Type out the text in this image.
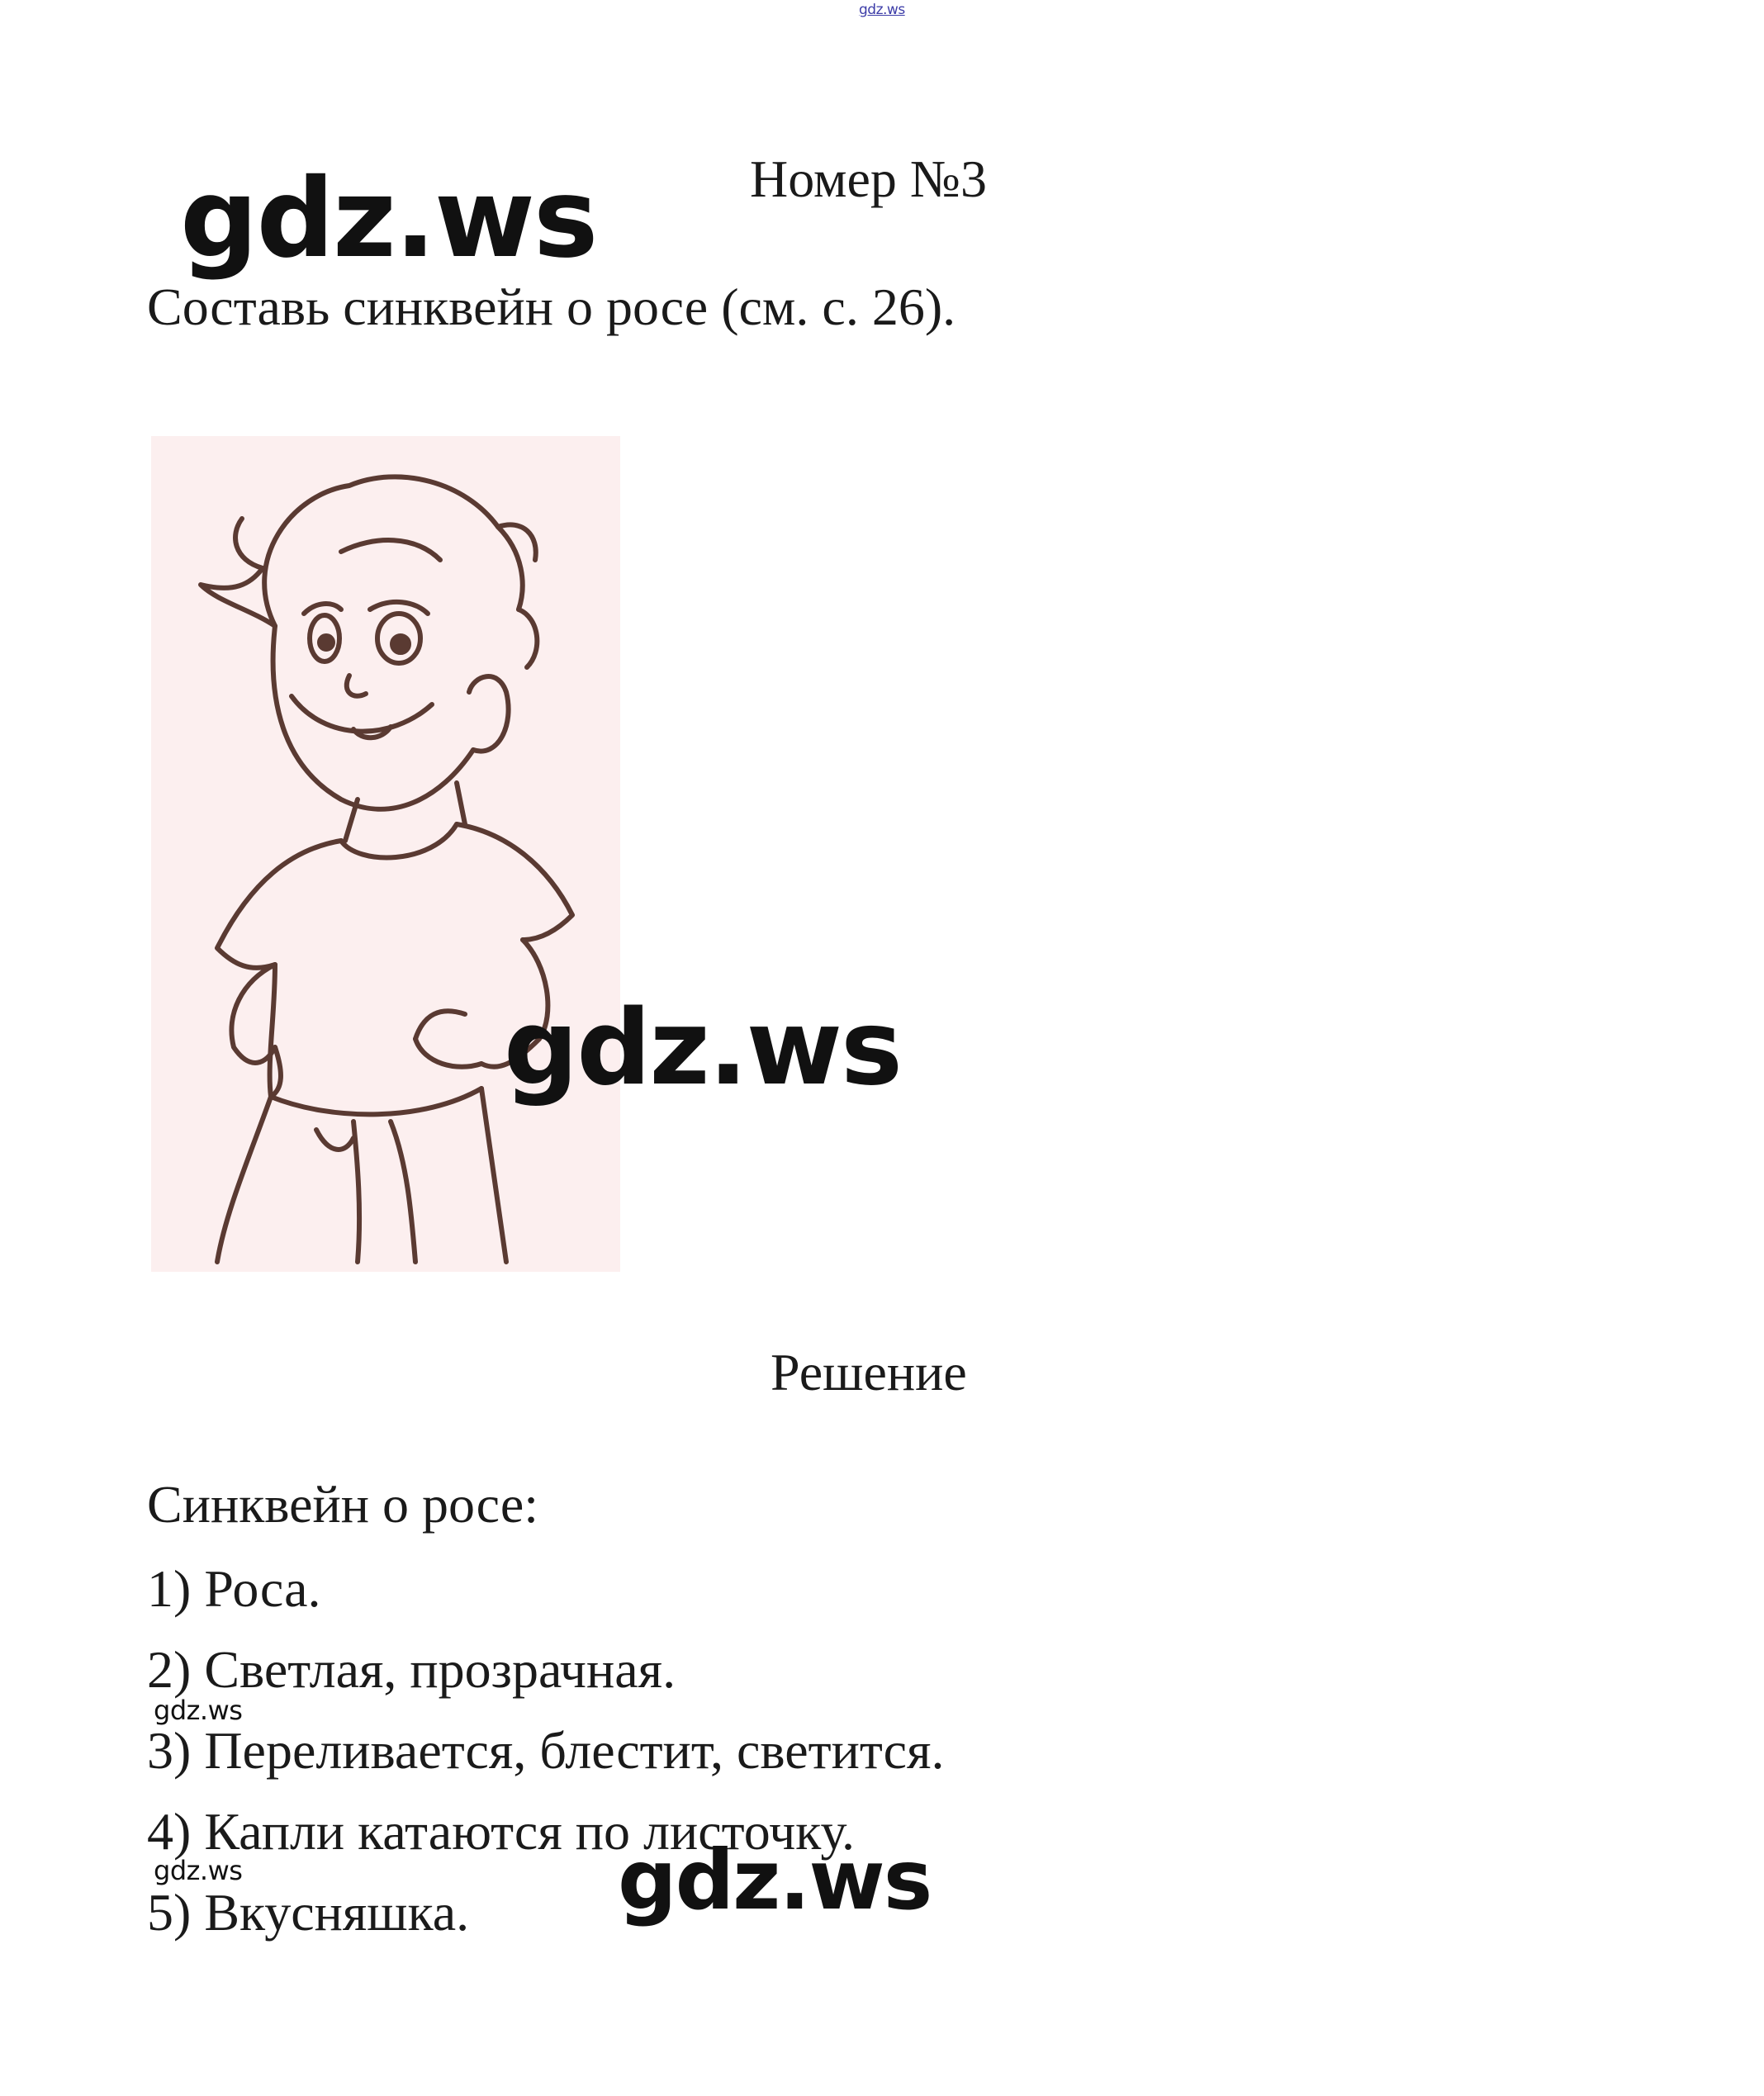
gdz.ws
Номер №3
Составь синквейн о росе (см. с. 26).
Решение
Синквейн о росе:
1) Роса.
2) Светлая, прозрачная.
3) Переливается, блестит, светится.
4) Капли катаются по листочку.
5) Вкусняшка.
gdz.ws
gdz.ws
gdz.ws
gdz.ws
gdz.ws
